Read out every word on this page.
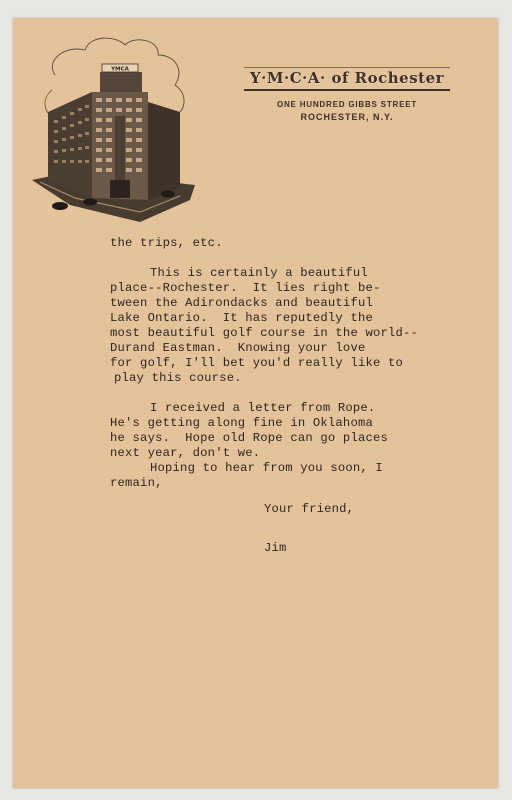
YMCA	Y·M·C·A· of Rochester
ONE HUNDRED GIBBS STREET
ROCHESTER, N.Y.
the trips, etc.
This is certainly a beautiful
place--Rochester.  It lies right be-
tween the Adirondacks and beautiful
Lake Ontario.  It has reputedly the
most beautiful golf course in the world--
Durand Eastman.  Knowing your love
for golf, I'll bet you'd really like to
play this course.
I received a letter from Rope.
He's getting along fine in Oklahoma
he says.  Hope old Rope can go places
next year, don't we.
Hoping to hear from you soon, I
remain,
Your friend,
Jim
